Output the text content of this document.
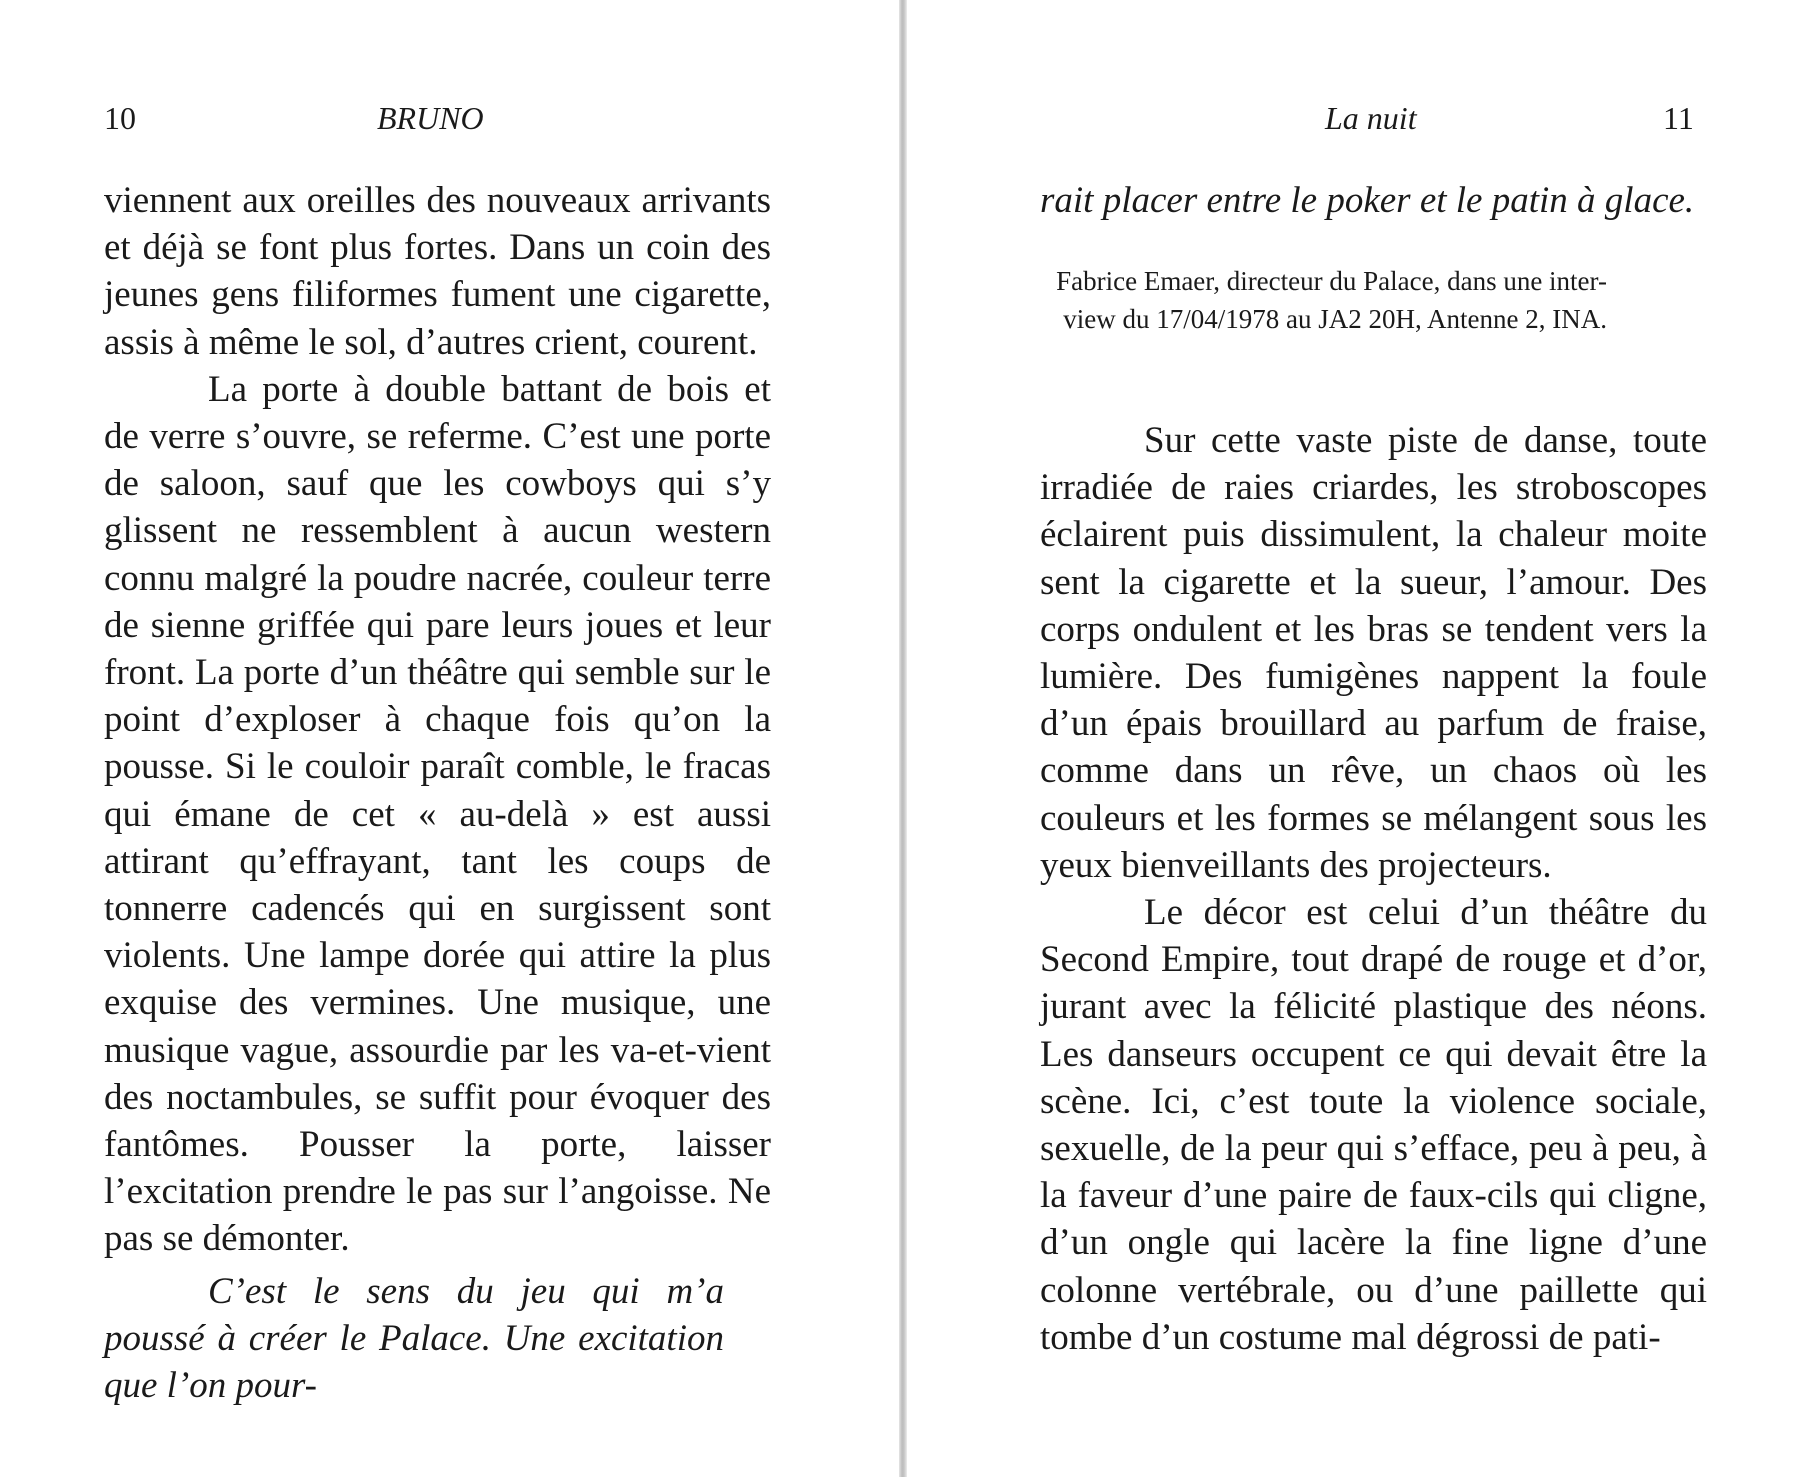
10	BRUNO

viennent aux oreilles des nouveaux arrivants et déjà se font plus fortes. Dans un coin des jeunes gens filiformes fument une cigarette, assis à même le sol, d’autres crient, courent.

La porte à double battant de bois et de verre s’ouvre, se referme. C’est une porte de saloon, sauf que les cowboys qui s’y glissent ne ressemblent à aucun western connu malgré la poudre nacrée, couleur terre de sienne griffée qui pare leurs joues et leur front. La porte d’un théâtre qui semble sur le point d’exploser à chaque fois qu’on la pousse. Si le couloir paraît comble, le fracas qui émane de cet « au-delà » est aussi attirant qu’effrayant, tant les coups de tonnerre cadencés qui en surgissent sont violents. Une lampe dorée qui attire la plus exquise des vermines. Une musique, une musique vague, assourdie par les va-et-vient des noctambules, se suffit pour évoquer des fantômes. Pousser la porte, laisser l’excitation prendre le pas sur l’angoisse. Ne pas se démonter.

C’est le sens du jeu qui m’a poussé à créer le Palace. Une excitation que l’on pour-

La nuit	11

rait placer entre le poker et le patin à glace.

Fabrice Emaer, directeur du Palace, dans une inter-
view du 17/04/1978 au JA2 20H, Antenne 2, INA.

Sur cette vaste piste de danse, toute irradiée de raies criardes, les stroboscopes éclairent puis dissimulent, la chaleur moite sent la cigarette et la sueur, l’amour. Des corps ondulent et les bras se tendent vers la lumière. Des fumigènes nappent la foule d’un épais brouillard au parfum de fraise, comme dans un rêve, un chaos où les couleurs et les formes se mélangent sous les yeux bienveillants des projecteurs.

Le décor est celui d’un théâtre du Second Empire, tout drapé de rouge et d’or, jurant avec la félicité plastique des néons. Les danseurs occupent ce qui devait être la scène. Ici, c’est toute la violence sociale, sexuelle, de la peur qui s’efface, peu à peu, à la faveur d’une paire de faux-cils qui cligne, d’un ongle qui lacère la fine ligne d’une colonne vertébrale, ou d’une paillette qui tombe d’un costume mal dégrossi de pati-
